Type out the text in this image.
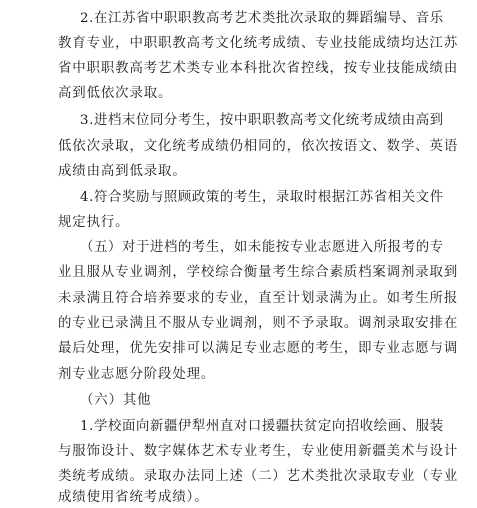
2.在江苏省中职职教高考艺术类批次录取的舞蹈编导、音乐
教育专业，中职职教高考文化统考成绩、专业技能成绩均达江苏
省中职职教高考艺术类专业本科批次省控线，按专业技能成绩由
高到低依次录取。
3.进档末位同分考生，按中职职教高考文化统考成绩由高到
低依次录取，文化统考成绩仍相同的，依次按语文、数学、英语
成绩由高到低录取。
4.符合奖励与照顾政策的考生，录取时根据江苏省相关文件
规定执行。
（五）对于进档的考生，如未能按专业志愿进入所报考的专
业且服从专业调剂，学校综合衡量考生综合素质档案调剂录取到
未录满且符合培养要求的专业，直至计划录满为止。如考生所报
的专业已录满且不服从专业调剂，则不予录取。调剂录取安排在
最后处理，优先安排可以满足专业志愿的考生，即专业志愿与调
剂专业志愿分阶段处理。
（六）其他
1.学校面向新疆伊犁州直对口援疆扶贫定向招收绘画、服装
与服饰设计、数字媒体艺术专业考生，专业使用新疆美术与设计
类统考成绩。录取办法同上述（二）艺术类批次录取专业（专业
成绩使用省统考成绩）。
